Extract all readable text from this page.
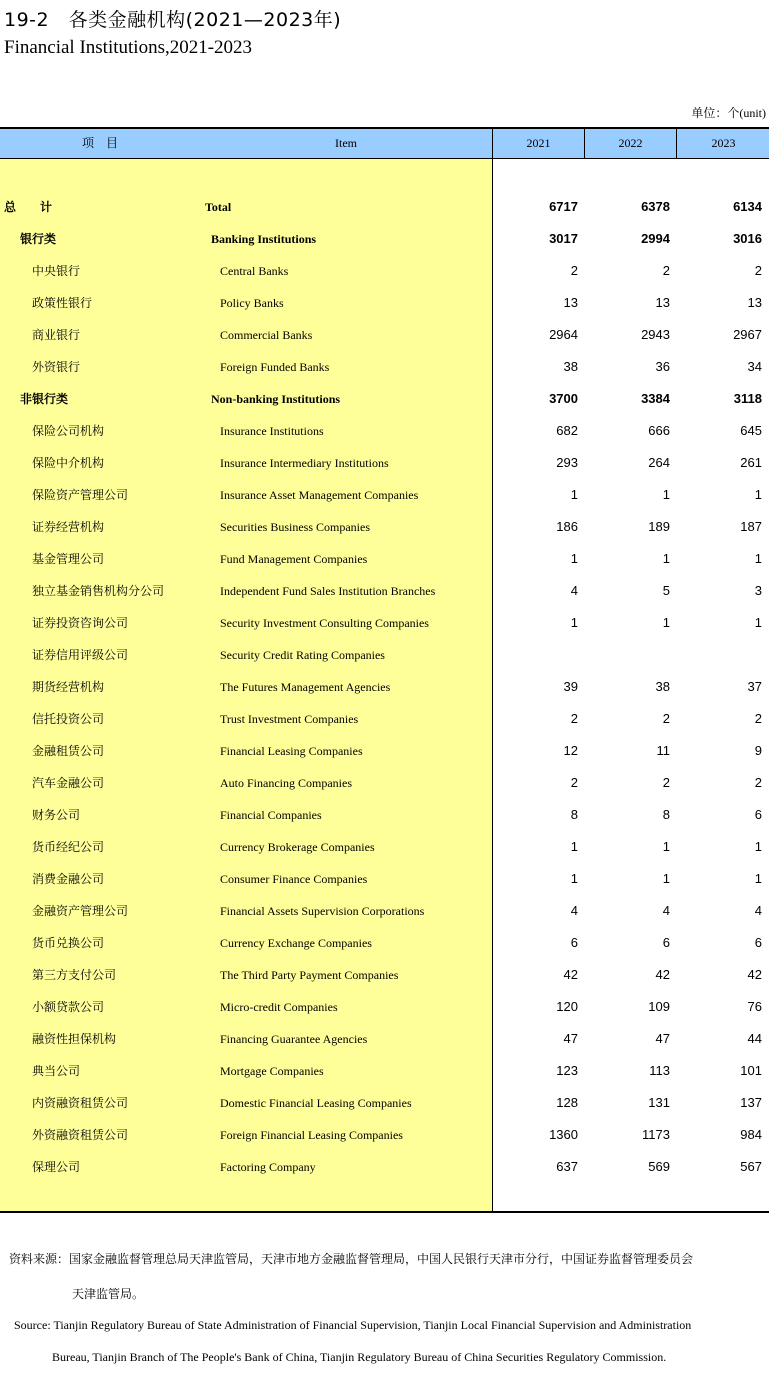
19-2　各类金融机构(2021—2023年)
Financial Institutions,2021-2023
单位：个(unit)
项　目	Item	2021	2022	2023
总　　计	Total	6717	6378	6134
银行类	Banking Institutions	3017	2994	3016
中央银行	Central Banks	2	2	2
政策性银行	Policy Banks	13	13	13
商业银行	Commercial Banks	2964	2943	2967
外资银行	Foreign Funded Banks	38	36	34
非银行类	Non-banking Institutions	3700	3384	3118
保险公司机构	Insurance Institutions	682	666	645
保险中介机构	Insurance Intermediary Institutions	293	264	261
保险资产管理公司	Insurance Asset Management Companies	1	1	1
证券经营机构	Securities Business Companies	186	189	187
基金管理公司	Fund Management Companies	1	1	1
独立基金销售机构分公司	Independent Fund Sales Institution Branches	4	5	3
证券投资咨询公司	Security Investment Consulting Companies	1	1	1
证券信用评级公司	Security Credit Rating Companies
期货经营机构	The Futures Management Agencies	39	38	37
信托投资公司	Trust Investment Companies	2	2	2
金融租赁公司	Financial Leasing Companies	12	11	9
汽车金融公司	Auto Financing Companies	2	2	2
财务公司	Financial Companies	8	8	6
货币经纪公司	Currency Brokerage Companies	1	1	1
消费金融公司	Consumer Finance Companies	1	1	1
金融资产管理公司	Financial Assets Supervision Corporations	4	4	4
货币兑换公司	Currency Exchange Companies	6	6	6
第三方支付公司	The Third Party Payment Companies	42	42	42
小额贷款公司	Micro-credit Companies	120	109	76
融资性担保机构	Financing Guarantee Agencies	47	47	44
典当公司	Mortgage Companies	123	113	101
内资融资租赁公司	Domestic Financial Leasing Companies	128	131	137
外资融资租赁公司	Foreign Financial Leasing Companies	1360	1173	984
保理公司	Factoring Company	637	569	567
资料来源：国家金融监督管理总局天津监管局，天津市地方金融监督管理局，中国人民银行天津市分行，中国证券监督管理委员会
天津监管局。
Source: Tianjin Regulatory Bureau of State Administration of Financial Supervision, Tianjin Local Financial Supervision and Administration
Bureau, Tianjin Branch of The People's Bank of China, Tianjin Regulatory Bureau of China Securities Regulatory Commission.
